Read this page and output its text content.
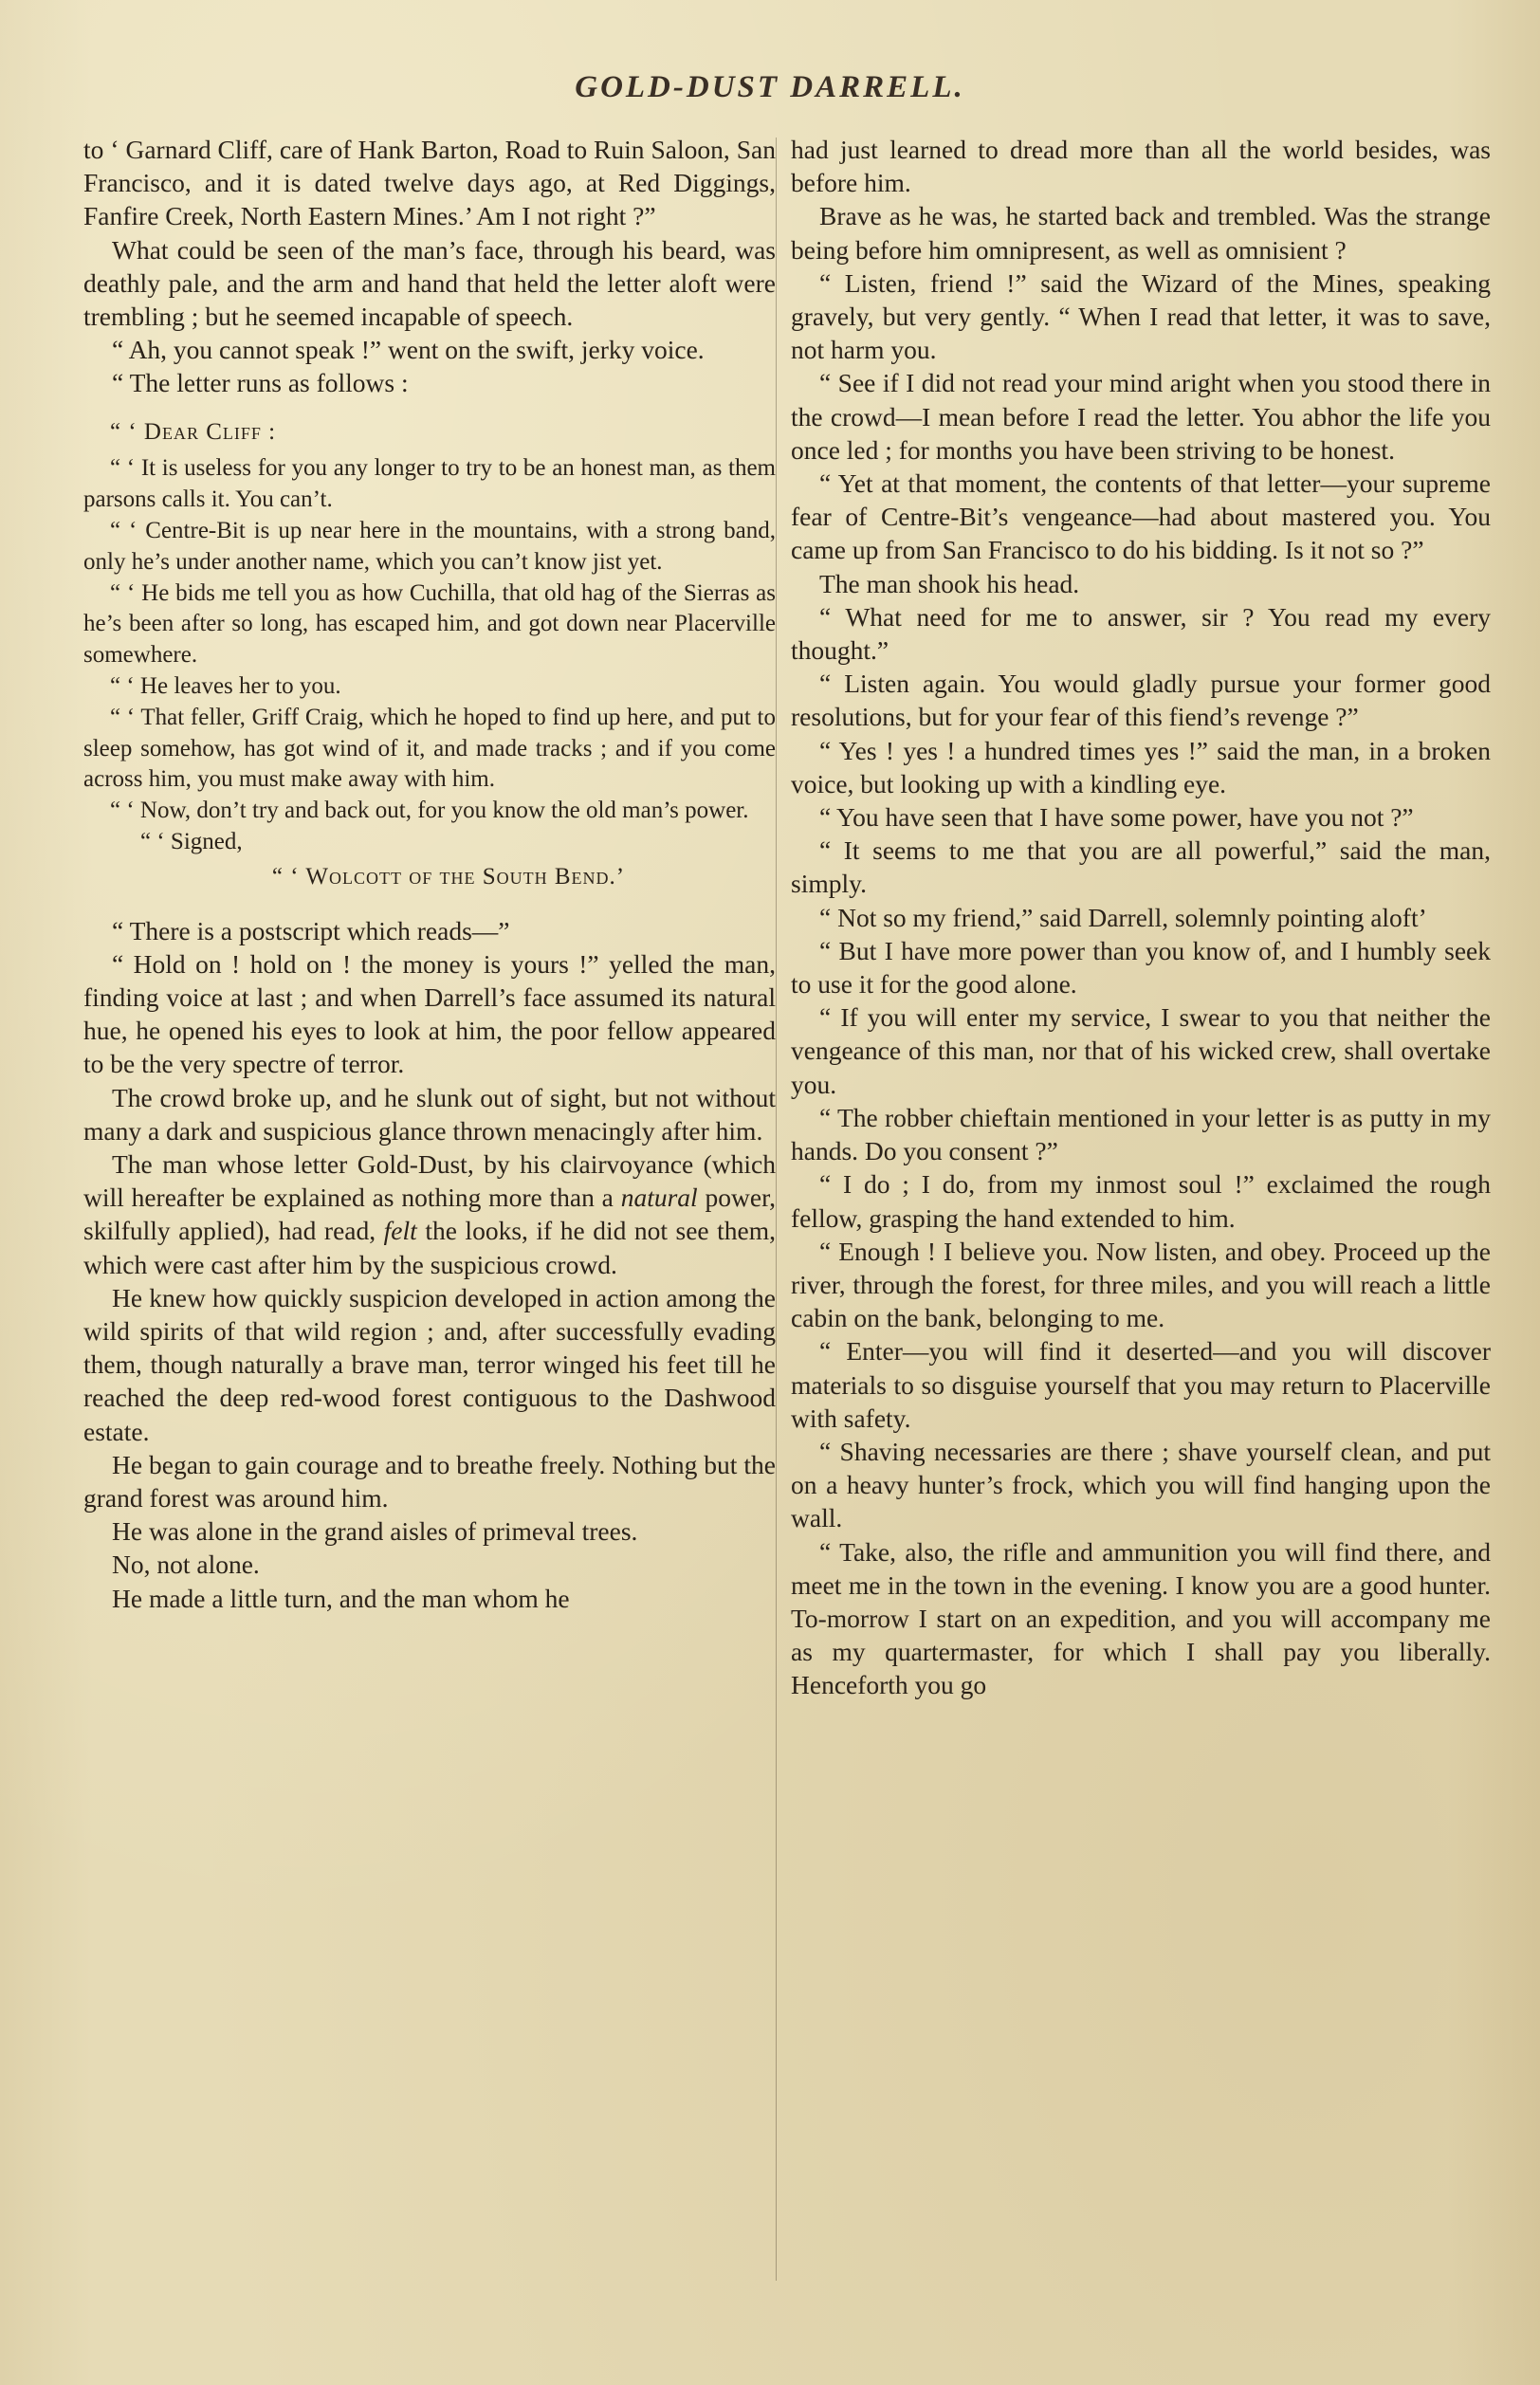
GOLD-DUST DARRELL.

to ‘ Garnard Cliff, care of Hank Barton, Road to Ruin Saloon, San Francisco, and it is dated twelve days ago, at Red Diggings, Fanfire Creek, North Eastern Mines.’ Am I not right ?”

What could be seen of the man’s face, through his beard, was deathly pale, and the arm and hand that held the letter aloft were trembling ; but he seemed incapable of speech.

“ Ah, you cannot speak !” went on the swift, jerky voice.

“ The letter runs as follows :

“ ‘ Dear Cliff :

“ ‘ It is useless for you any longer to try to be an honest man, as them parsons calls it. You can’t.

“ ‘ Centre-Bit is up near here in the mountains, with a strong band, only he’s under another name, which you can’t know jist yet.

“ ‘ He bids me tell you as how Cuchilla, that old hag of the Sierras as he’s been after so long, has escaped him, and got down near Placerville somewhere.

“ ‘ He leaves her to you.

“ ‘ That feller, Griff Craig, which he hoped to find up here, and put to sleep somehow, has got wind of it, and made tracks ; and if you come across him, you must make away with him.

“ ‘ Now, don’t try and back out, for you know the old man’s power.

“ ‘ Signed,

“ ‘ Wolcott of the South Bend.’

“ There is a postscript which reads—”

“ Hold on ! hold on ! the money is yours !” yelled the man, finding voice at last ; and when Darrell’s face assumed its natural hue, he opened his eyes to look at him, the poor fellow appeared to be the very spectre of terror.

The crowd broke up, and he slunk out of sight, but not without many a dark and suspicious glance thrown menacingly after him.

The man whose letter Gold-Dust, by his clairvoyance (which will hereafter be explained as nothing more than a natural power, skilfully applied), had read, felt the looks, if he did not see them, which were cast after him by the suspicious crowd.

He knew how quickly suspicion developed in action among the wild spirits of that wild region ; and, after successfully evading them, though naturally a brave man, terror winged his feet till he reached the deep red-wood forest contiguous to the Dashwood estate.

He began to gain courage and to breathe freely. Nothing but the grand forest was around him.

He was alone in the grand aisles of primeval trees.

No, not alone.

He made a little turn, and the man whom he

had just learned to dread more than all the world besides, was before him.

Brave as he was, he started back and trembled. Was the strange being before him omnipresent, as well as omnisient ?

“ Listen, friend !” said the Wizard of the Mines, speaking gravely, but very gently. “ When I read that letter, it was to save, not harm you.

“ See if I did not read your mind aright when you stood there in the crowd—I mean before I read the letter. You abhor the life you once led ; for months you have been striving to be honest.

“ Yet at that moment, the contents of that letter—your supreme fear of Centre-Bit’s vengeance—had about mastered you. You came up from San Francisco to do his bidding. Is it not so ?”

The man shook his head.

“ What need for me to answer, sir ? You read my every thought.”

“ Listen again. You would gladly pursue your former good resolutions, but for your fear of this fiend’s revenge ?”

“ Yes ! yes ! a hundred times yes !” said the man, in a broken voice, but looking up with a kindling eye.

“ You have seen that I have some power, have you not ?”

“ It seems to me that you are all powerful,” said the man, simply.

“ Not so my friend,” said Darrell, solemnly pointing aloft’

“ But I have more power than you know of, and I humbly seek to use it for the good alone.

“ If you will enter my service, I swear to you that neither the vengeance of this man, nor that of his wicked crew, shall overtake you.

“ The robber chieftain mentioned in your letter is as putty in my hands. Do you consent ?”

“ I do ; I do, from my inmost soul !” exclaimed the rough fellow, grasping the hand extended to him.

“ Enough ! I believe you. Now listen, and obey. Proceed up the river, through the forest, for three miles, and you will reach a little cabin on the bank, belonging to me.

“ Enter—you will find it deserted—and you will discover materials to so disguise yourself that you may return to Placerville with safety.

“ Shaving necessaries are there ; shave yourself clean, and put on a heavy hunter’s frock, which you will find hanging upon the wall.

“ Take, also, the rifle and ammunition you will find there, and meet me in the town in the evening. I know you are a good hunter. To-morrow I start on an expedition, and you will accompany me as my quartermaster, for which I shall pay you liberally. Henceforth you go
